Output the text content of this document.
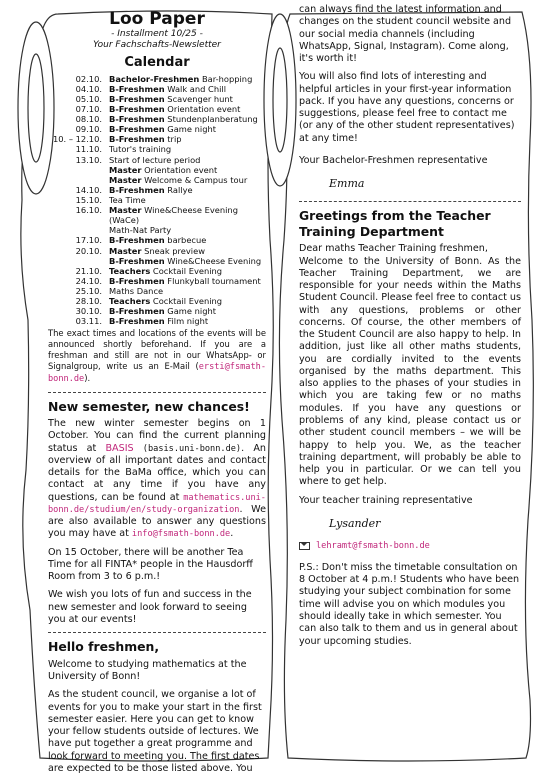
Loo Paper
- Installment 10/25 -
Your Fachschafts-Newsletter
Calendar
02.10.	Bachelor-Freshmen Bar-hopping
04.10.	B-Freshmen Walk and Chill
05.10.	B-Freshmen Scavenger hunt
07.10.	B-Freshmen Orientation event
08.10.	B-Freshmen Stundenplanberatung
09.10.	B-Freshmen Game night
10. – 12.10.	B-Freshmen trip
11.10.	Tutor's training
13.10.	Start of lecture period
	Master Orientation event
	Master Welcome & Campus tour
14.10.	B-Freshmen Rallye
15.10.	Tea Time
16.10.	Master Wine&Cheese Evening (WaCe)
	Math-Nat Party
17.10.	B-Freshmen barbecue
20.10.	Master Sneak preview
	B-Freshmen Wine&Cheese Evening
21.10.	Teachers Cocktail Evening
24.10.	B-Freshmen Flunkyball tournament
25.10.	Maths Dance
28.10.	Teachers Cocktail Evening
30.10.	B-Freshmen Game night
03.11.	B-Freshmen Film night
The exact times and locations of the events will be announced shortly beforehand. If you are a freshman and still are not in our WhatsApp- or Signalgroup, write us an E-Mail (ersti@fsmath-bonn.de).
New semester, new chances!
The new winter semester begins on 1 October. You can find the current planning status at BASIS (basis.uni-bonn.de). An overview of all important dates and contact details for the BaMa office, which you can contact at any time if you have any questions, can be found at mathematics.uni-bonn.de/studium/en/study-organization. We are also available to answer any questions you may have at info@fsmath-bonn.de.
On 15 October, there will be another Tea Time for all FINTA* people in the Hausdorff Room from 3 to 6 p.m.!
We wish you lots of fun and success in the new semester and look forward to seeing you at our events!
Hello freshmen,
Welcome to studying mathematics at the University of Bonn!
As the student council, we organise a lot of events for you to make your start in the first semester easier. Here you can get to know your fellow students outside of lectures. We have put together a great programme and look forward to meeting you. The first dates are expected to be those listed above. You
can always find the latest information and changes on the student council website and our social media channels (including WhatsApp, Signal, Instagram). Come along, it's worth it!
You will also find lots of interesting and helpful articles in your first-year information pack. If you have any questions, concerns or suggestions, please feel free to contact me (or any of the other student representatives) at any time!
Your Bachelor-Freshmen representative
Emma
Greetings from the Teacher Training Department
Dear maths Teacher Training freshmen,
Welcome to the University of Bonn. As the Teacher Training Department, we are responsible for your needs within the Maths Student Council. Please feel free to contact us with any questions, problems or other concerns. Of course, the other members of the Student Council are also happy to help. In addition, just like all other maths students, you are cordially invited to the events organised by the maths department. This also applies to the phases of your studies in which you are taking few or no maths modules. If you have any questions or problems of any kind, please contact us or other student council members – we will be happy to help you. We, as the teacher training department, will probably be able to help you in particular. Or we can tell you where to get help.
Your teacher training representative
Lysander
lehramt@fsmath-bonn.de
P.S.: Don't miss the timetable consultation on 8 October at 4 p.m.! Students who have been studying your subject combination for some time will advise you on which modules you should ideally take in which semester. You can also talk to them and us in general about your upcoming studies.
